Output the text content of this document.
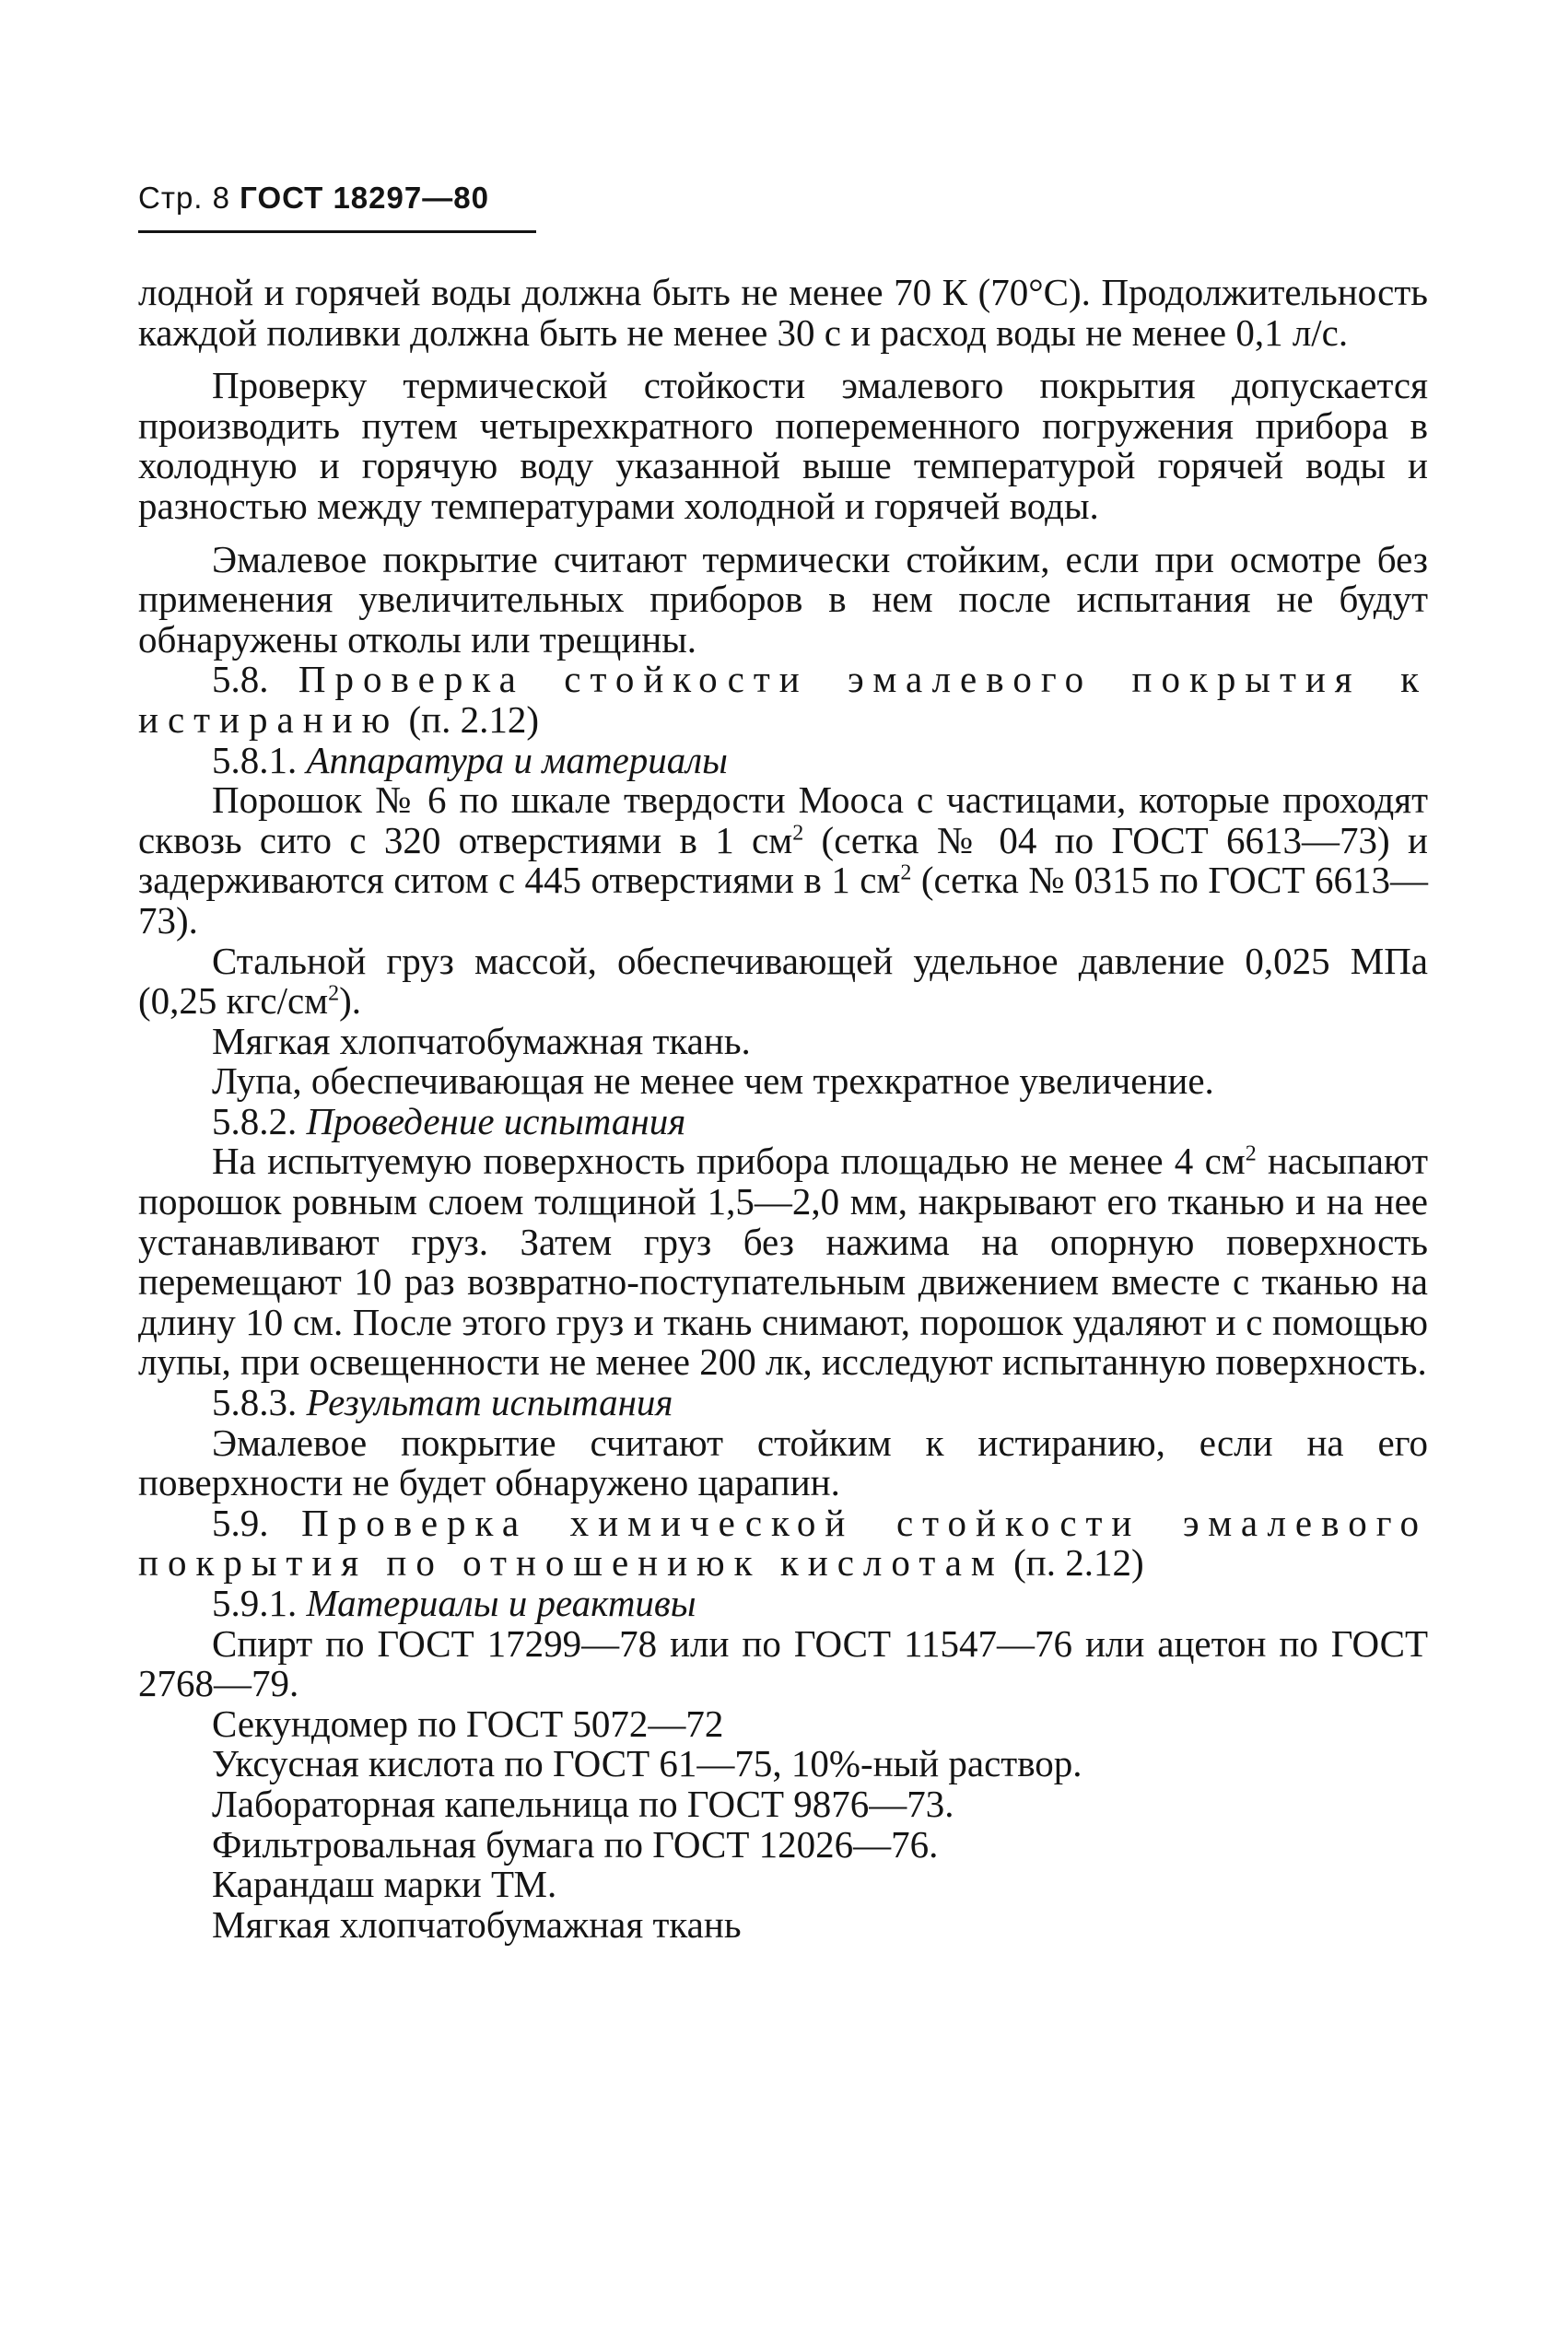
Стр. 8 ГОСТ 18297—80

лодной и горячей воды должна быть не менее 70 К (70°С). Продолжительность каждой поливки должна быть не менее 30 с и расход воды не менее 0,1 л/с.

Проверку термической стойкости эмалевого покрытия допускается производить путем четырехкратного попеременного погружения прибора в холодную и горячую воду указанной выше температурой горячей воды и разностью между температурами холодной и горячей воды.

Эмалевое покрытие считают термически стойким, если при осмотре без применения увеличительных приборов в нем после испытания не будут обнаружены отколы или трещины.

5.8. Проверка стойкости эмалевого покрытия к истиранию (п. 2.12)

5.8.1. Аппаратура и материалы

Порошок № 6 по шкале твердости Мооса с частицами, которые проходят сквозь сито с 320 отверстиями в 1 $см^2$ (сетка № 04 по ГОСТ 6613—73) и задерживаются ситом с 445 отверстиями в 1 $см^2$ (сетка № 0315 по ГОСТ 6613—73).

Стальной груз массой, обеспечивающей удельное давление 0,025 МПа (0,25 кгс/$см^2$).

Мягкая хлопчатобумажная ткань.

Лупа, обеспечивающая не менее чем трехкратное увеличение.

5.8.2. Проведение испытания

На испытуемую поверхность прибора площадью не менее 4 $см^2$ насыпают порошок ровным слоем толщиной 1,5—2,0 мм, накрывают его тканью и на нее устанавливают груз. Затем груз без нажима на опорную поверхность перемещают 10 раз возвратно-поступательным движением вместе с тканью на длину 10 см. После этого груз и ткань снимают, порошок удаляют и с помощью лупы, при освещенности не менее 200 лк, исследуют испытанную поверхность.

5.8.3. Результат испытания

Эмалевое покрытие считают стойким к истиранию, если на его поверхности не будет обнаружено царапин.

5.9. Проверка химической стойкости эмалевого покрытия по отношениюк кислотам (п. 2.12)

5.9.1. Материалы и реактивы

Спирт по ГОСТ 17299—78 или по ГОСТ 11547—76 или ацетон по ГОСТ 2768—79.

Секундомер по ГОСТ 5072—72

Уксусная кислота по ГОСТ 61—75, 10%-ный раствор.

Лабораторная капельница по ГОСТ 9876—73.

Фильтровальная бумага по ГОСТ 12026—76.

Карандаш марки ТМ.

Мягкая хлопчатобумажная ткань
